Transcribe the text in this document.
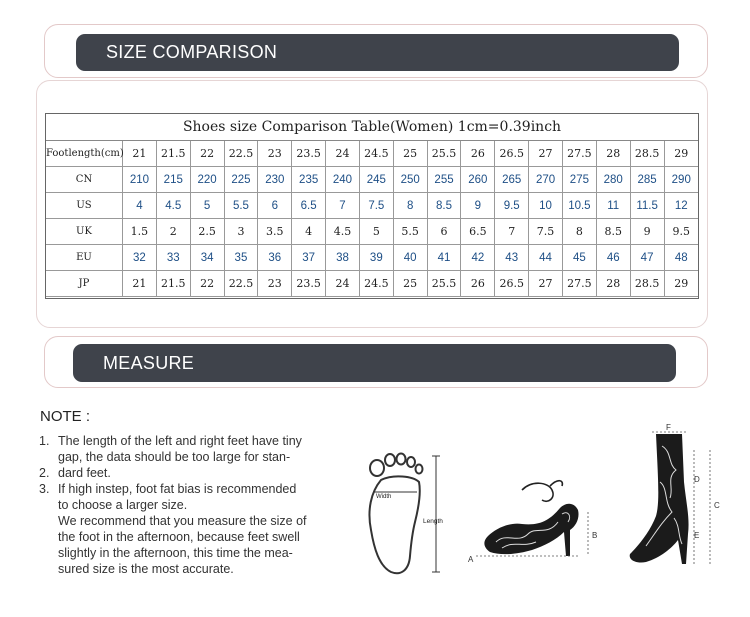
SIZE COMPARISON
Shoes size Comparison Table(Women) 1cm=0.39inch
Footlength(cm)	21	21.5	22	22.5	23	23.5	24	24.5	25	25.5	26	26.5	27	27.5	28	28.5	29
CN	210	215	220	225	230	235	240	245	250	255	260	265	270	275	280	285	290
US	4	4.5	5	5.5	6	6.5	7	7.5	8	8.5	9	9.5	10	10.5	11	11.5	12
UK	1.5	2	2.5	3	3.5	4	4.5	5	5.5	6	6.5	7	7.5	8	8.5	9	9.5
EU	32	33	34	35	36	37	38	39	40	41	42	43	44	45	46	47	48
JP	21	21.5	22	22.5	23	23.5	24	24.5	25	25.5	26	26.5	27	27.5	28	28.5	29
MEASURE
NOTE :
1. The length of the left and right feet have tiny
gap, the data should be too large for stan-
2. dard feet.
3. If high instep, foot fat bias is recommended
to choose a larger size.
We recommend that you measure the size of
the foot in the afternoon, because feet swell
slightly in the afternoon, this time the mea-
sured size is the most accurate.
Width
Length
A
B
F
D
C
E
